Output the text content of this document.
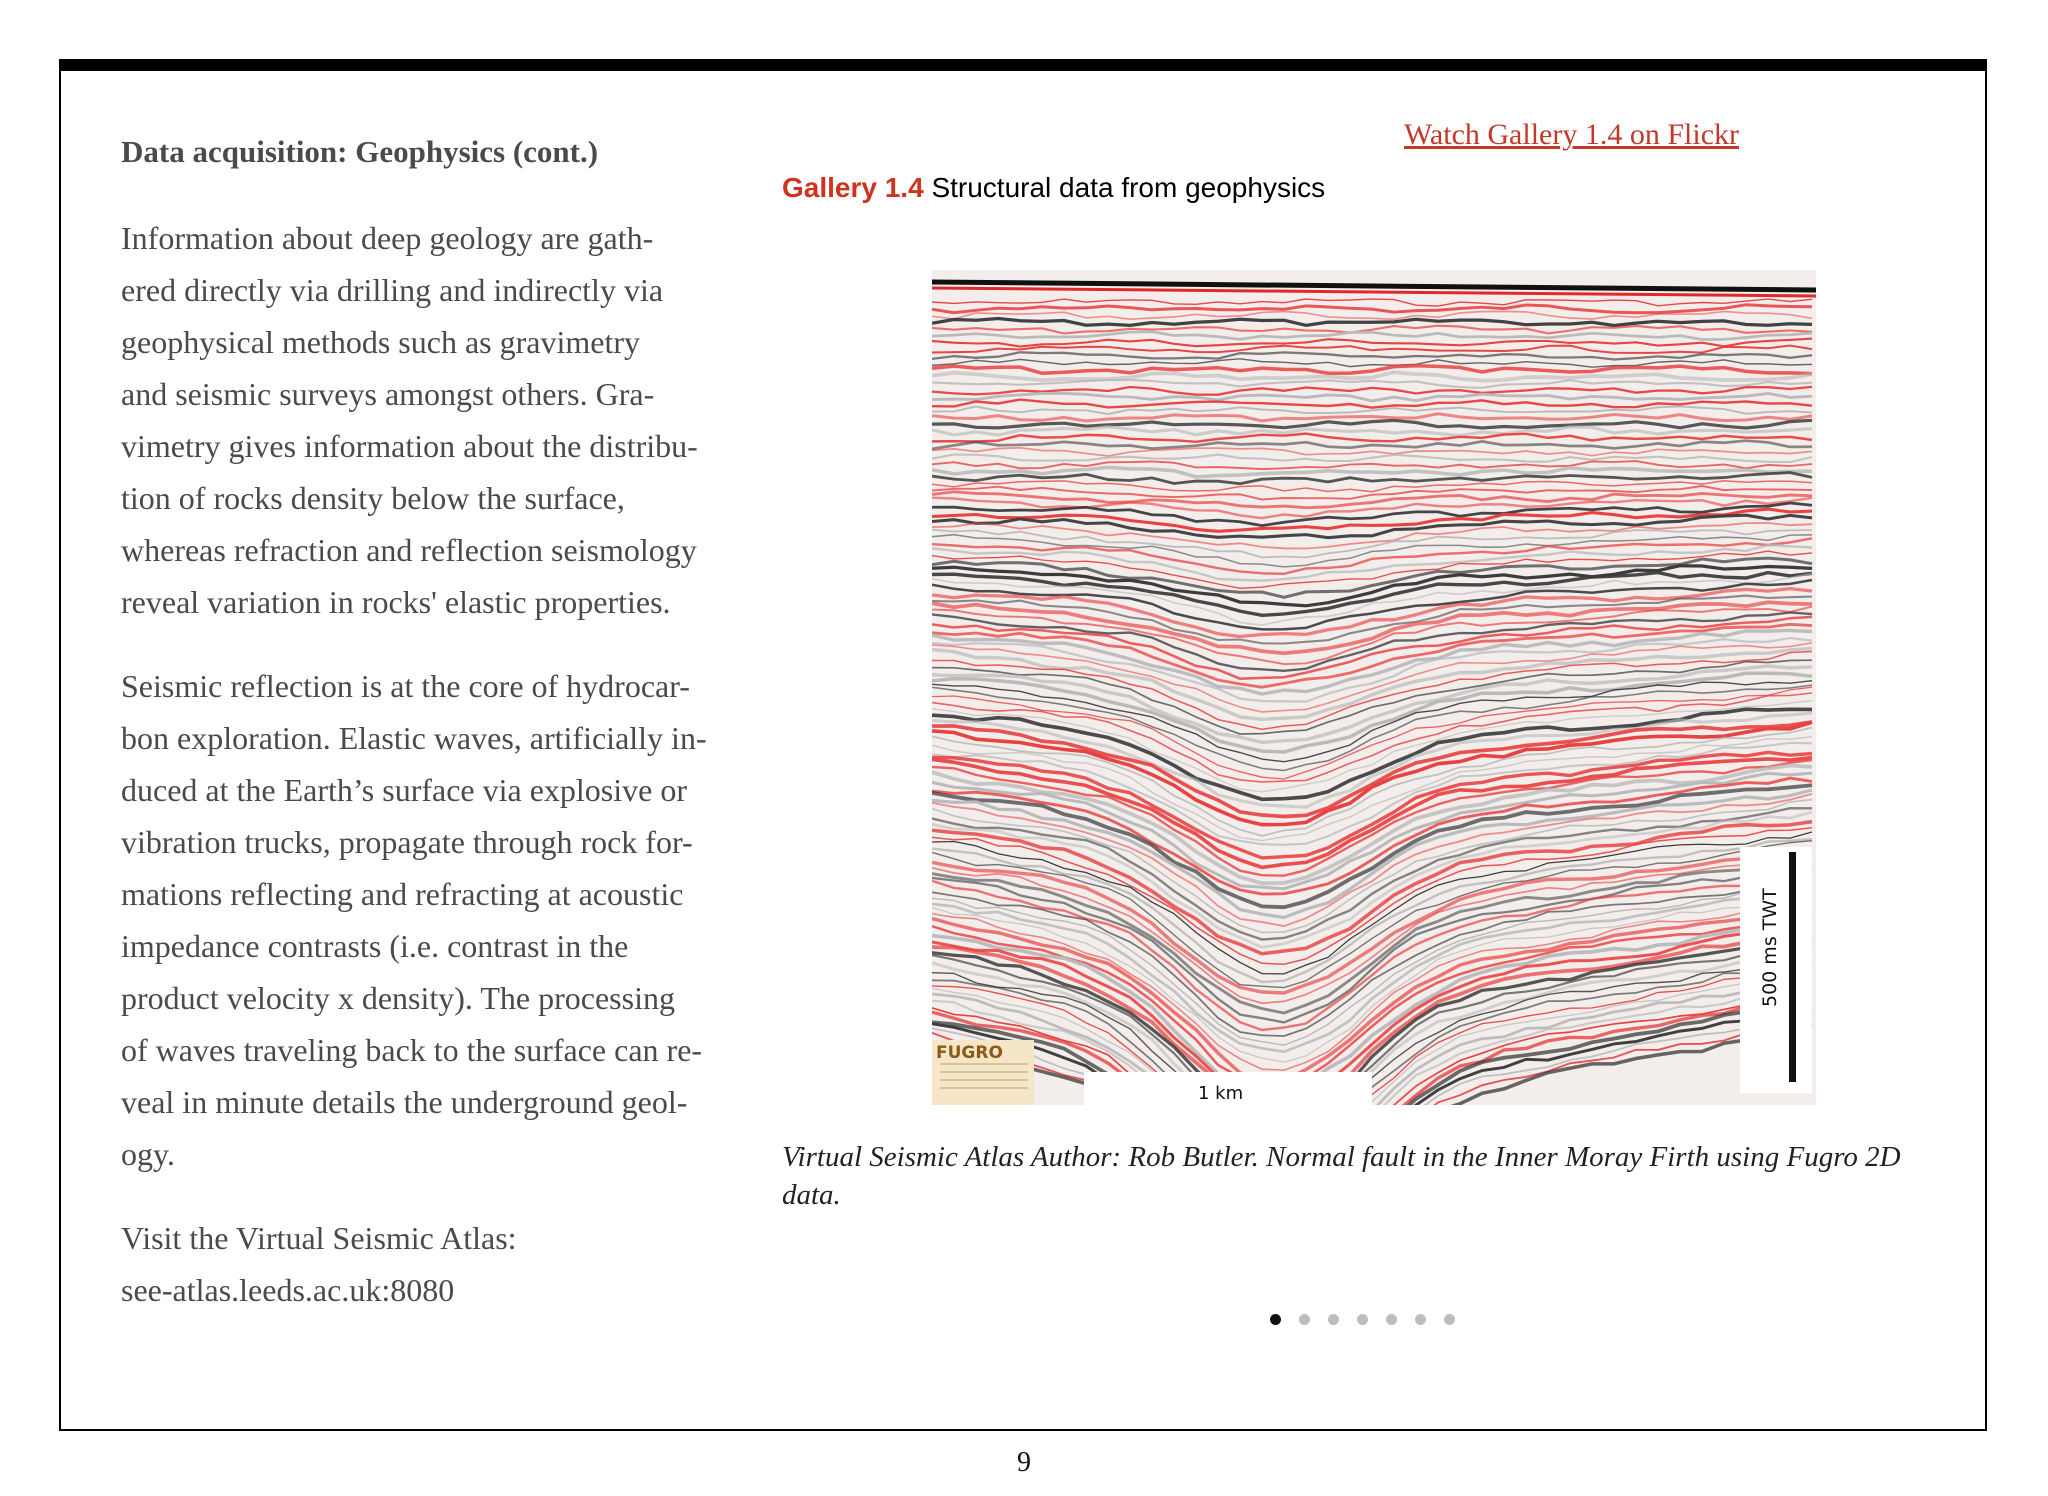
Data acquisition: Geophysics (cont.)

Information about deep geology are gath-
ered directly via drilling and indirectly via
geophysical methods such as gravimetry
and seismic surveys amongst others. Gra-
vimetry gives information about the distribu-
tion of rocks density below the surface,
whereas refraction and reflection seismology
reveal variation in rocks' elastic properties.

Seismic reflection is at the core of hydrocar-
bon exploration. Elastic waves, artificially in-
duced at the Earth’s surface via explosive or
vibration trucks, propagate through rock for-
mations reflecting and refracting at acoustic
impedance contrasts (i.e. contrast in the
product velocity x density). The processing
of waves traveling back to the surface can re-
veal in minute details the underground geol-
ogy.

Visit the Virtual Seismic Atlas:
see-atlas.leeds.ac.uk:8080

Watch Gallery 1.4 on Flickr
Gallery 1.4 Structural data from geophysics
FUGRO
1 km
500 ms TWT
Virtual Seismic Atlas Author: Rob Butler. Normal fault in the Inner Moray Firth using Fugro 2D data.
9
